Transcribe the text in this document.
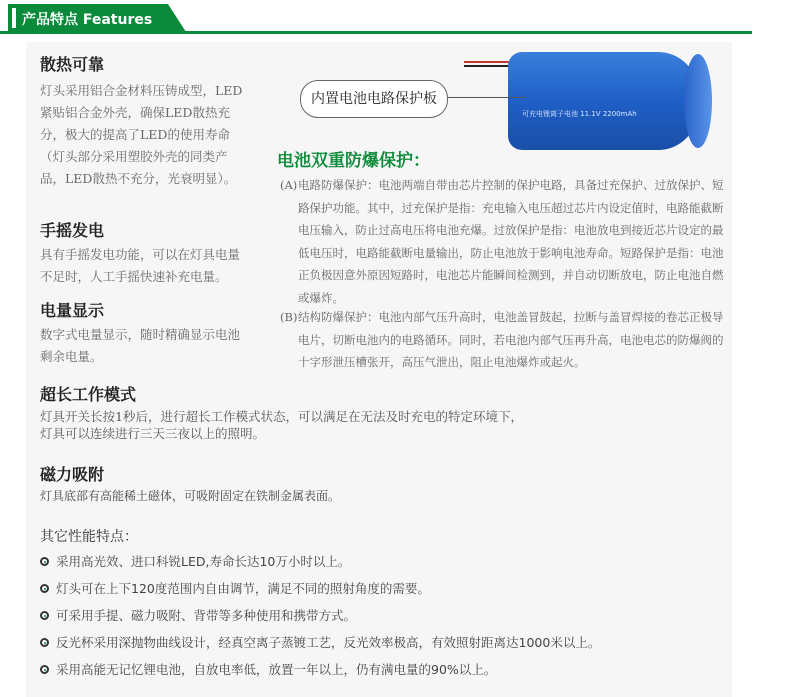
产品特点 Features
散热可靠
灯头采用铝合金材料压铸成型，LED紧贴铝合金外壳，确保LED散热充分，极大的提高了LED的使用寿命（灯头部分采用塑胶外壳的同类产品，LED散热不充分，光衰明显）。
手摇发电
具有手摇发电功能，可以在灯具电量不足时，人工手摇快速补充电量。
电量显示
数字式电量显示，随时精确显示电池剩余电量。
可充电锂离子电池 11.1V 2200mAh
内置电池电路保护板
电池双重防爆保护：
(A) 电路防爆保护：电池两端自带由芯片控制的保护电路，具备过充保护、过放保护、短路保护功能。其中，过充保护是指：充电输入电压超过芯片内设定值时，电路能截断电压输入，防止过高电压将电池充爆。过放保护是指：电池放电到接近芯片设定的最低电压时，电路能截断电量输出，防止电池放于影响电池寿命。短路保护是指：电池正负极因意外原因短路时，电池芯片能瞬间检测到，并自动切断放电，防止电池自燃或爆炸。
(B) 结构防爆保护：电池内部气压升高时，电池盖冒鼓起，拉断与盖冒焊接的卷芯正极导电片，切断电池内的电路循环。同时，若电池内部气压再升高，电池电芯的防爆阀的十字形泄压槽张开，高压气泄出，阻止电池爆炸或起火。
超长工作模式
灯具开关长按1秒后，进行超长工作模式状态，可以满足在无法及时充电的特定环境下，
灯具可以连续进行三天三夜以上的照明。
磁力吸附
灯具底部有高能稀土磁体，可吸附固定在铁制金属表面。
其它性能特点：
采用高光效、进口科锐LED,寿命长达10万小时以上。
灯头可在上下120度范围内自由调节，满足不同的照射角度的需要。
可采用手提、磁力吸附、背带等多种使用和携带方式。
反光杯采用深抛物曲线设计，经真空离子蒸镀工艺，反光效率极高，有效照射距离达1000米以上。
采用高能无记忆锂电池，自放电率低，放置一年以上，仍有满电量的90%以上。
